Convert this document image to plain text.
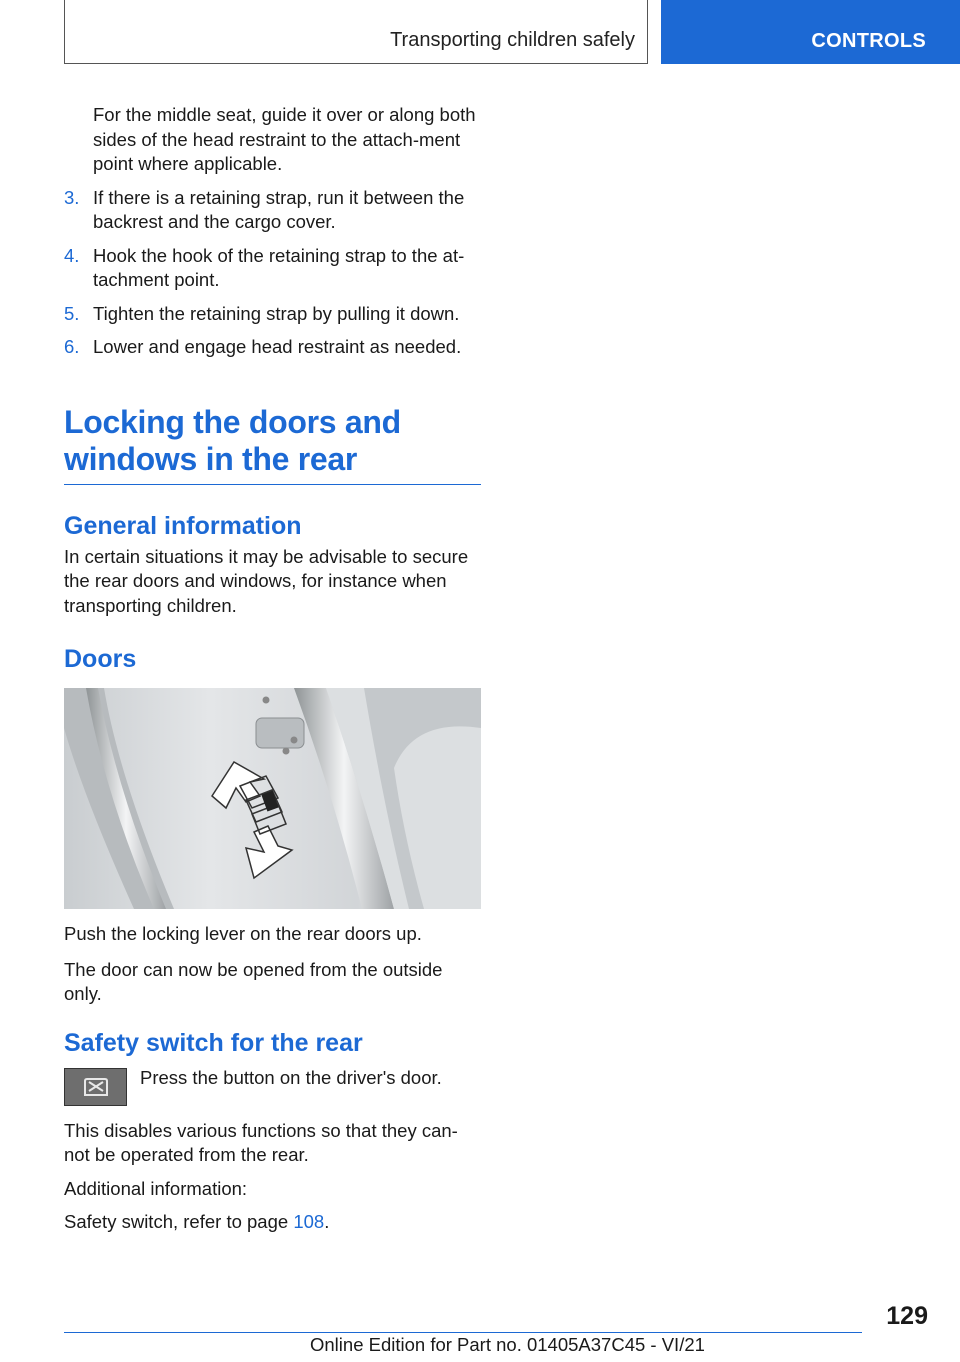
Transporting children safely	CONTROLS

For the middle seat, guide it over or along both sides of the head restraint to the attach‐ment point where applicable.

3. If there is a retaining strap, run it between the backrest and the cargo cover.
4. Hook the hook of the retaining strap to the at‐tachment point.
5. Tighten the retaining strap by pulling it down.
6. Lower and engage head restraint as needed.
Locking the doors and windows in the rear
General information

In certain situations it may be advisable to secure the rear doors and windows, for instance when transporting children.

Doors

Push the locking lever on the rear doors up.

The door can now be opened from the outside only.

Safety switch for the rear
Press the button on the driver's door.

This disables various functions so that they can‐not be operated from the rear.

Additional information:

Safety switch, refer to page 108.

129
Online Edition for Part no. 01405A37C45 - VI/21
